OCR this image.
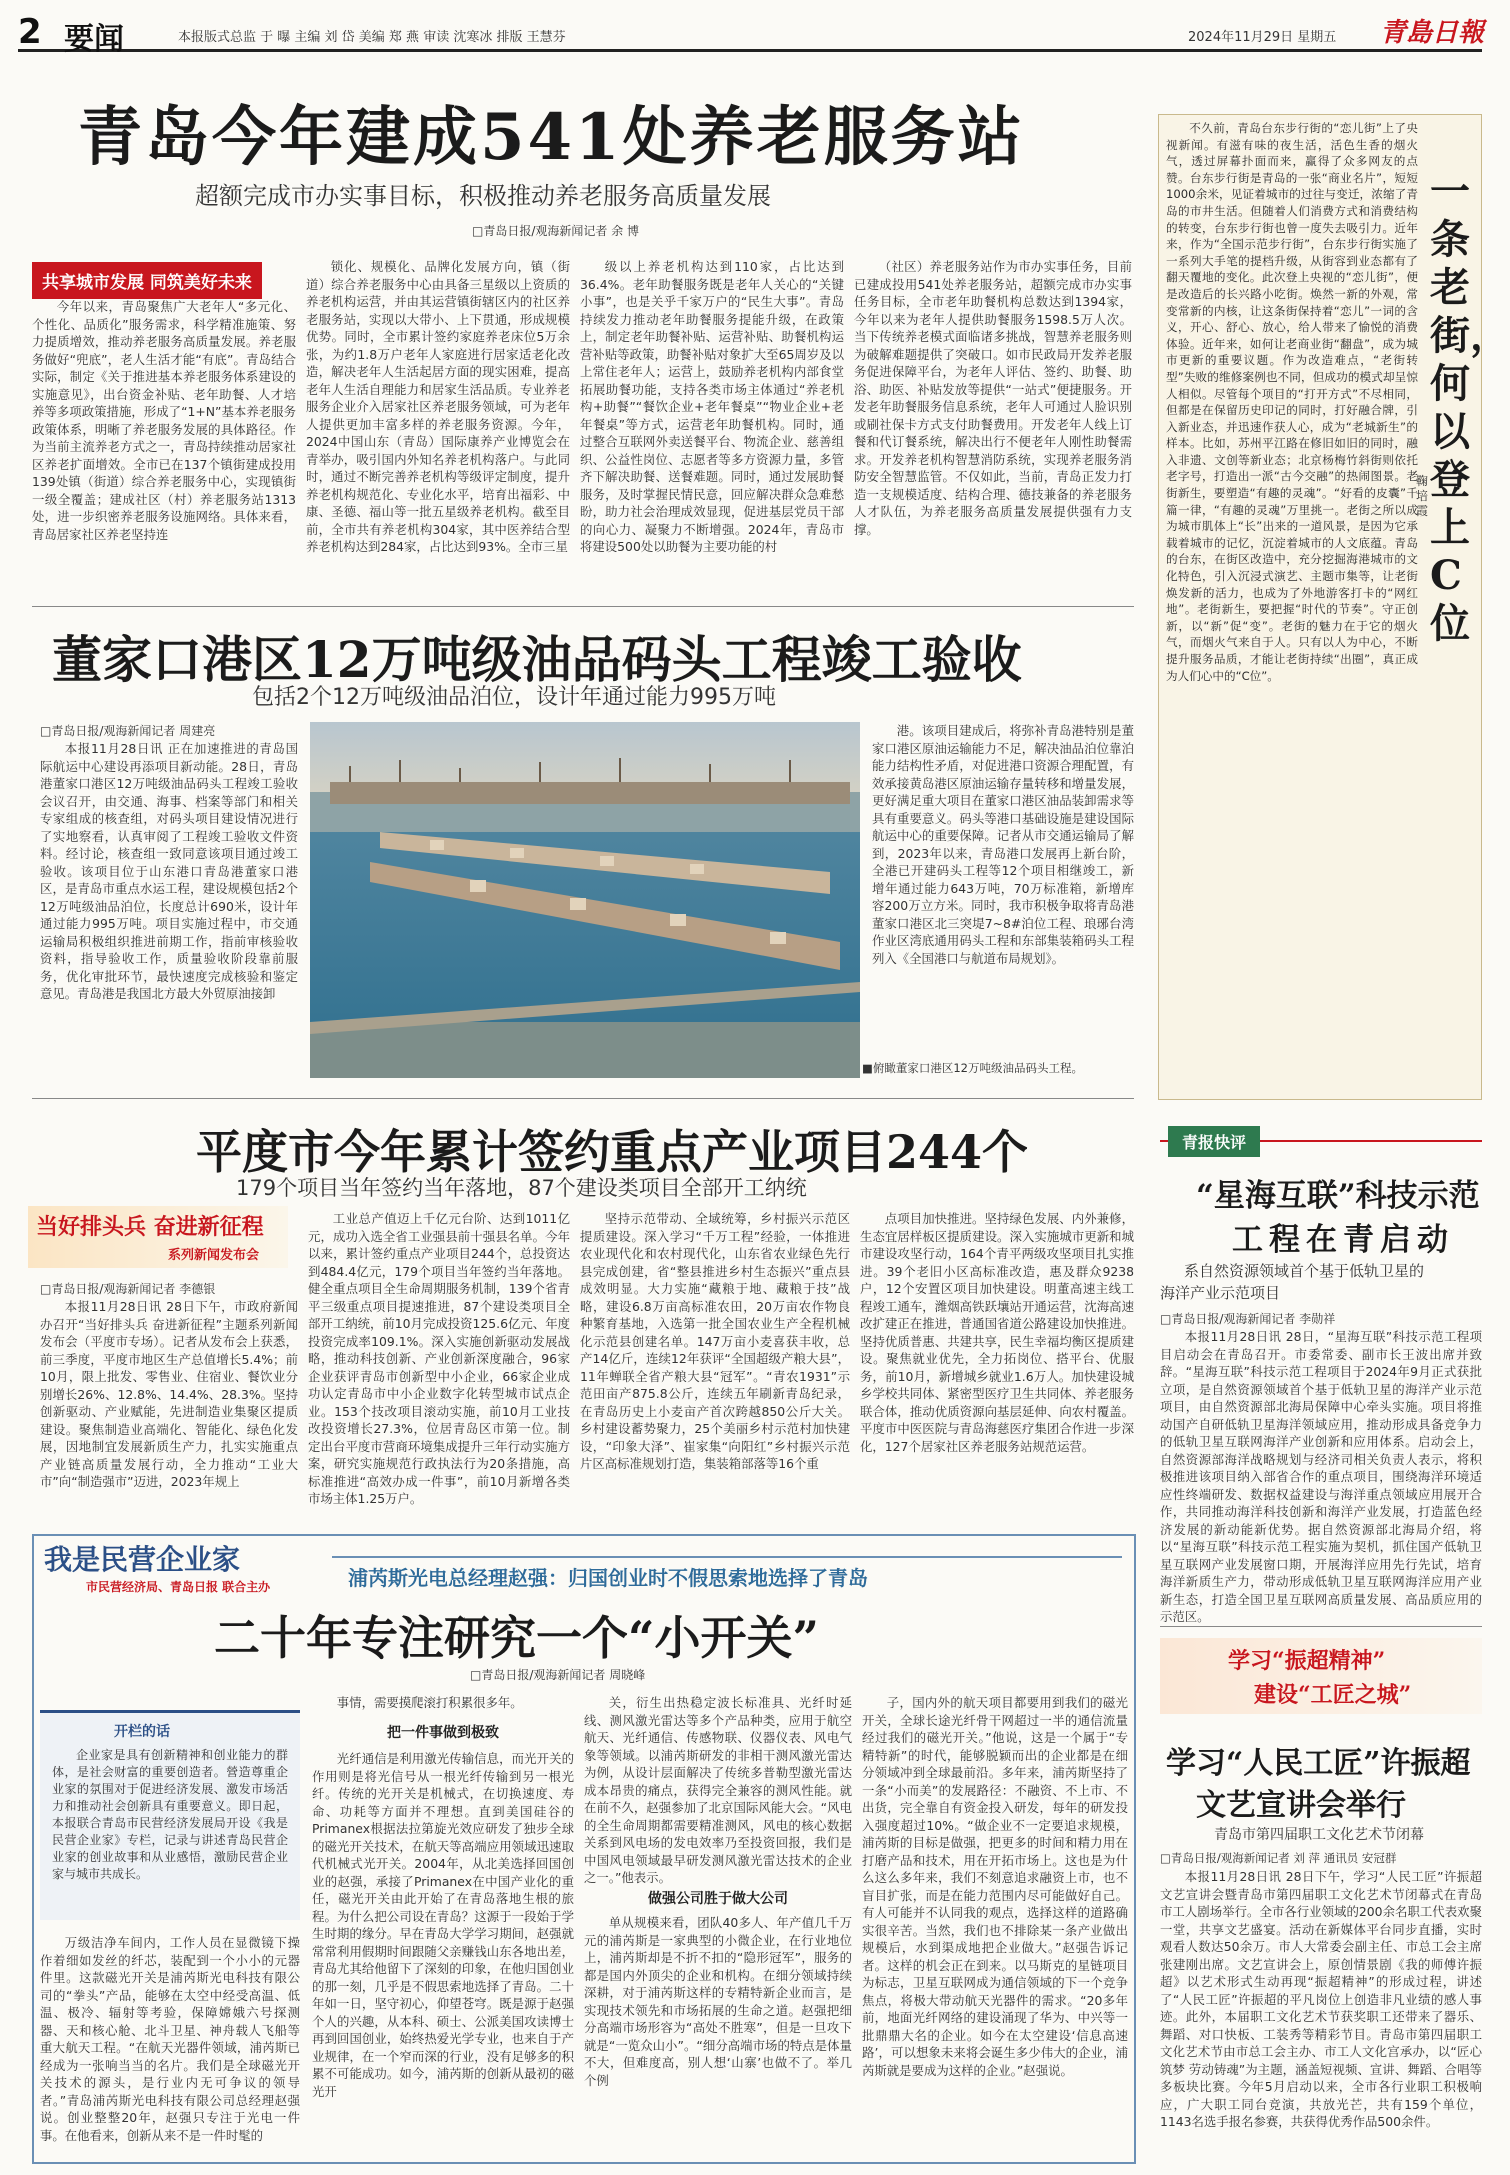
2 要闻	本报版式总监 于 曝 主编 刘 岱 美编 郑 燕 审读 沈寒冰 排版 王慧芬	2024年11月29日 星期五 青島日報
青岛今年建成541处养老服务站
超额完成市办实事目标，积极推动养老服务高质量发展
□青岛日报/观海新闻记者 余 博
共享城市发展 同筑美好未来

今年以来，青岛聚焦广大老年人“多元化、个性化、品质化”服务需求，科学精准施策、努力提质增效，推动养老服务高质量发展。养老服务做好“兜底”，老人生活才能“有底”。青岛结合实际，制定《关于推进基本养老服务体系建设的实施意见》，出台资金补贴、老年助餐、人才培养等多项政策措施，形成了“1+N”基本养老服务政策体系，明晰了养老服务发展的具体路径。作为当前主流养老方式之一，青岛持续推动居家社区养老扩面增效。全市已在137个镇街建成投用139处镇（街道）综合养老服务中心，实现镇街一级全覆盖；建成社区（村）养老服务站1313处，进一步织密养老服务设施网络。具体来看，青岛居家社区养老坚持连

锁化、规模化、品牌化发展方向，镇（街道）综合养老服务中心由具备三星级以上资质的养老机构运营，并由其运营镇街辖区内的社区养老服务站，实现以大带小、上下贯通，形成规模优势。同时，全市累计签约家庭养老床位5万余张，为约1.8万户老年人家庭进行居家适老化改造，解决老年人生活起居方面的现实困难，提高老年人生活自理能力和居家生活品质。专业养老服务企业介入居家社区养老服务领域，可为老年人提供更加丰富多样的养老服务资源。今年，2024中国山东（青岛）国际康养产业博览会在青举办，吸引国内外知名养老机构落户。与此同时，通过不断完善养老机构等级评定制度，提升养老机构规范化、专业化水平，培育出福彩、中康、圣德、福山等一批五星级养老机构。截至目前，全市共有养老机构304家，其中医养结合型养老机构达到284家，占比达到93%。全市三星

级以上养老机构达到110家，占比达到36.4%。老年助餐服务既是老年人关心的“关键小事”，也是关乎千家万户的“民生大事”。青岛持续发力推动老年助餐服务提能升级，在政策上，制定老年助餐补贴、运营补贴、助餐机构运营补贴等政策，助餐补贴对象扩大至65周岁及以上常住老年人；运营上，鼓励养老机构内部食堂拓展助餐功能，支持各类市场主体通过“养老机构+助餐”“餐饮企业+老年餐桌”“物业企业+老年餐桌”等方式，运营老年助餐机构。同时，通过整合互联网外卖送餐平台、物流企业、慈善组织、公益性岗位、志愿者等多方资源力量，多管齐下解决助餐、送餐难题。同时，通过发展助餐服务，及时掌握民情民意，回应解决群众急难愁盼，助力社会治理成效显现，促进基层党员干部的向心力、凝聚力不断增强。2024年，青岛市将建设500处以助餐为主要功能的村

（社区）养老服务站作为市办实事任务，目前已建成投用541处养老服务站，超额完成市办实事任务目标，全市老年助餐机构总数达到1394家，今年以来为老年人提供助餐服务1598.5万人次。当下传统养老模式面临诸多挑战，智慧养老服务则为破解难题提供了突破口。如市民政局开发养老服务促进保障平台，为老年人评估、签约、助餐、助浴、助医、补贴发放等提供“一站式”便捷服务。开发老年助餐服务信息系统，老年人可通过人脸识别或刷社保卡方式支付助餐费用。开发老年人线上订餐和代订餐系统，解决出行不便老年人刚性助餐需求。开发养老机构智慧消防系统，实现养老服务消防安全智慧监管。不仅如此，当前，青岛正发力打造一支规模适度、结构合理、德技兼备的养老服务人才队伍，为养老服务高质量发展提供强有力支撑。

董家口港区12万吨级油品码头工程竣工验收
包括2个12万吨级油品泊位，设计年通过能力995万吨
□青岛日报/观海新闻记者 周建亮

本报11月28日讯 正在加速推进的青岛国际航运中心建设再添项目新动能。28日，青岛港董家口港区12万吨级油品码头工程竣工验收会议召开，由交通、海事、档案等部门和相关专家组成的核查组，对码头项目建设情况进行了实地察看，认真审阅了工程竣工验收文件资料。经讨论，核查组一致同意该项目通过竣工验收。该项目位于山东港口青岛港董家口港区，是青岛市重点水运工程，建设规模包括2个12万吨级油品泊位，长度总计690米，设计年通过能力995万吨。项目实施过程中，市交通运输局积极组织推进前期工作，指前审核验收资料，指导验收工作，质量验收阶段靠前服务，优化审批环节，最快速度完成核验和鉴定意见。青岛港是我国北方最大外贸原油接卸

■俯瞰董家口港区12万吨级油品码头工程。

港。该项目建成后，将弥补青岛港特别是董家口港区原油运输能力不足，解决油品泊位靠泊能力结构性矛盾，对促进港口资源合理配置，有效承接黄岛港区原油运输存量转移和增量发展，更好满足重大项目在董家口港区油品装卸需求等具有重要意义。码头等港口基础设施是建设国际航运中心的重要保障。记者从市交通运输局了解到，2023年以来，青岛港口发展再上新台阶，全港已开建码头工程等12个项目相继竣工，新增年通过能力643万吨，70万标准箱，新增库容200万立方米。同时，我市积极争取将青岛港董家口港区北三突堤7~8#泊位工程、琅琊台湾作业区湾底通用码头工程和东部集装箱码头工程列入《全国港口与航道布局规划》。

不久前，青岛台东步行街的“恋儿街”上了央视新闻。有滋有味的夜生活，活色生香的烟火气，透过屏幕扑面而来，赢得了众多网友的点赞。台东步行街是青岛的一张“商业名片”，短短1000余米，见证着城市的过往与变迁，浓缩了青岛的市井生活。但随着人们消费方式和消费结构的转变，台东步行街也曾一度失去吸引力。近年来，作为“全国示范步行街”，台东步行街实施了一系列大手笔的提档升级，从街容到业态都有了翻天覆地的变化。此次登上央视的“恋儿街”，便是改造后的长兴路小吃街。焕然一新的外观，常变常新的内核，让这条街保持着“恋儿”一词的含义，开心、舒心、放心，给人带来了愉悦的消费体验。近年来，如何让老商业街“翻盘”，成为城市更新的重要议题。作为改造难点，“老街转型”失败的维修案例也不同，但成功的模式却呈惊人相似。尽管每个项目的“打开方式”不尽相同，但都是在保留历史印记的同时，打好融合牌，引入新业态，并迅速作获人心，成为“老城新生”的样本。比如，苏州平江路在修旧如旧的同时，融入非遗、文创等新业态；北京杨梅竹斜街则依托老字号，打造出一派“古今交融”的热闹图景。老街新生，要塑造“有趣的灵魂”。“好看的皮囊”千篇一律，“有趣的灵魂”万里挑一。老街之所以成为城市肌体上“长”出来的一道风景，是因为它承载着城市的记忆，沉淀着城市的人文底蕴。青岛的台东，在街区改造中，充分挖掘海港城市的文化特色，引入沉浸式演艺、主题市集等，让老街焕发新的活力，也成为了外地游客打卡的“网红地”。老街新生，要把握“时代的节奏”。守正创新，以“新”促“变”。老街的魅力在于它的烟火气，而烟火气来自于人。只有以人为中心，不断提升服务品质，才能让老街持续“出圈”，真正成为人们心中的“C位”。

一条老街，何以登上C位
鞠培霞
平度市今年累计签约重点产业项目244个
179个项目当年签约当年落地，87个建设类项目全部开工纳统
当好排头兵 奋进新征程
系列新闻发布会
□青岛日报/观海新闻记者 李德银

本报11月28日讯 28日下午，市政府新闻办召开“当好排头兵 奋进新征程”主题系列新闻发布会（平度市专场）。记者从发布会上获悉，前三季度，平度市地区生产总值增长5.4%；前10月，限上批发、零售业、住宿业、餐饮业分别增长26%、12.8%、14.4%、28.3%。坚持创新驱动、产业赋能，先进制造业集聚区提质建设。聚焦制造业高端化、智能化、绿色化发展，因地制宜发展新质生产力，扎实实施重点产业链高质量发展行动，全力推动“工业大市”向“制造强市”迈进，2023年规上

工业总产值迈上千亿元台阶、达到1011亿元，成功入选全省工业强县前十强县名单。今年以来，累计签约重点产业项目244个，总投资达到484.4亿元，179个项目当年签约当年落地。健全重点项目全生命周期服务机制，139个省青平三级重点项目提速推进，87个建设类项目全部开工纳统，前10月完成投资125.6亿元、年度投资完成率109.1%。深入实施创新驱动发展战略，推动科技创新、产业创新深度融合，96家企业获评青岛市创新型中小企业，66家企业成功认定青岛市中小企业数字化转型城市试点企业。153个技改项目滚动实施，前10月工业技改投资增长27.3%，位居青岛区市第一位。制定出台平度市营商环境集成提升三年行动实施方案，研究实施规范行政执法行为20条措施，高标准推进“高效办成一件事”，前10月新增各类市场主体1.25万户。

坚持示范带动、全域统筹，乡村振兴示范区提质建设。深入学习“千万工程”经验，一体推进农业现代化和农村现代化，山东省农业绿色先行县完成创建，省“整县推进乡村生态振兴”重点县成效明显。大力实施“藏粮于地、藏粮于技”战略，建设6.8万亩高标准农田，20万亩农作物良种繁育基地，入选第一批全国农业生产全程机械化示范县创建名单。147万亩小麦喜获丰收，总产14亿斤，连续12年获评“全国超级产粮大县”，11年蝉联全省产粮大县“冠军”。“青农1931”示范田亩产875.8公斤，连续五年刷新青岛纪录，在青岛历史上小麦亩产首次跨越850公斤大关。乡村建设蓄势聚力，25个美丽乡村示范村加快建设，“印象大泽”、崔家集“向阳红”乡村振兴示范片区高标准规划打造，集装箱部落等16个重

点项目加快推进。坚持绿色发展、内外兼修，生态宜居样板区提质建设。深入实施城市更新和城市建设攻坚行动，164个青平两级攻坚项目扎实推进。39个老旧小区高标准改造，惠及群众9238户，12个安置区项目加快建设。明董高速主线工程竣工通车，潍烟高铁跃壤站开通运营，沈海高速改扩建正在推进，普通国省道公路建设加快推进。坚持优质普惠、共建共享，民生幸福均衡区提质建设。聚焦就业优先，全力拓岗位、搭平台、优服务，前10月，新增城乡就业1.6万人。加快建设城乡学校共同体、紧密型医疗卫生共同体、养老服务联合体，推动优质资源向基层延伸、向农村覆盖。平度市中医医院与青岛海慈医疗集团合作进一步深化，127个居家社区养老服务站规范运营。

青报快评
“星海互联”科技示范
工程在青启动
系自然资源领域首个基于低轨卫星的
海洋产业示范项目
□青岛日报/观海新闻记者 李勋祥

本报11月28日讯 28日，“星海互联”科技示范工程项目启动会在青岛召开。市委常委、副市长王波出席并致辞。“星海互联”科技示范工程项目于2024年9月正式获批立项，是自然资源领域首个基于低轨卫星的海洋产业示范项目，由自然资源部北海局保障中心牵头实施。项目将推动国产自研低轨卫星海洋领域应用，推动形成具备竞争力的低轨卫星互联网海洋产业创新和应用体系。启动会上，自然资源部海洋战略规划与经济司相关负责人表示，将积极推进该项目纳入部省合作的重点项目，围绕海洋环境适应性终端研发、数据权益建设与海洋重点领域应用展开合作，共同推动海洋科技创新和海洋产业发展，打造蓝色经济发展的新动能新优势。据自然资源部北海局介绍，将以“星海互联”科技示范工程实施为契机，抓住国产低轨卫星互联网产业发展窗口期，开展海洋应用先行先试，培育海洋新质生产力，带动形成低轨卫星互联网海洋应用产业新生态，打造全国卫星互联网高质量发展、高品质应用的示范区。

我是民营企业家
市民营经济局、青岛日报 联合主办	浦芮斯光电总经理赵强：归国创业时不假思索地选择了青岛
二十年专注研究一个“小开关”
□青岛日报/观海新闻记者 周晓峰
开栏的话

企业家是具有创新精神和创业能力的群体，是社会财富的重要创造者。營造尊重企业家的氛围对于促进经济发展、激发市场活力和推动社会创新具有重要意义。即日起，本报联合青岛市民营经济发展局开设《我是民营企业家》专栏，记录与讲述青岛民营企业家的创业故事和从业感悟，激励民营企业家与城市共成长。

万级洁净车间内，工作人员在显微镜下操作着细如发丝的纤芯，装配到一个小小的元器件里。这款磁光开关是浦芮斯光电科技有限公司的“拳头”产品，能够在太空中经受高温、低温、极冷、辐射等考验，保障嫦娥六号探测器、天和核心舱、北斗卫星、神舟载人飞船等重大航天工程。“在航天光器件领域，浦芮斯已经成为一张响当当的名片。我们是全球磁光开关技术的源头，是行业内无可争议的领导者。”青岛浦芮斯光电科技有限公司总经理赵强说。创业整整20年，赵强只专注于光电一件事。在他看来，创新从来不是一件时髦的

事情，需要摸爬滚打积累很多年。

把一件事做到极致

光纤通信是利用激光传输信息，而光开关的作用则是将光信号从一根光纤传输到另一根光纤。传统的光开关是机械式，在切换速度、寿命、功耗等方面并不理想。直到美国硅谷的Primanex根据法拉第旋光效应研发了独步全球的磁光开关技术，在航天等高端应用领域迅速取代机械式光开关。2004年，从北美选择回国创业的赵强，承接了Primanex在中国产业化的重任，磁光开关由此开始了在青岛落地生根的旅程。为什么把公司设在青岛？这源于一段始于学生时期的缘分。早在青岛大学学习期间，赵强就常常利用假期时间跟随父亲赚钱山东各地出差，青岛尤其给他留下了深刻的印象，在他归国创业的那一刻，几乎是不假思索地选择了青岛。二十年如一日，坚守初心，仰望苍穹。既是源于赵强个人的兴趣，从本科、硕士、公派美国攻读博士再到回国创业，始终热爱光学专业，也来自于产业规律，在一个窄而深的行业，没有足够多的积累不可能成功。如今，浦芮斯的创新从最初的磁光开

关，衍生出热稳定波长标准具、光纤时延线、测风激光雷达等多个产品种类，应用于航空航天、光纤通信、传感物联、仪器仪表、风电气象等领域。以浦芮斯研发的非相干测风激光雷达为例，从设计层面解决了传统多普勒型激光雷达成本昂贵的痛点，获得完全兼容的测风性能。就在前不久，赵强参加了北京国际风能大会。“风电的全生命周期都需要精准测风，风电的核心数据关系到风电场的发电效率乃至投资回报，我们是中国风电领域最早研发测风激光雷达技术的企业之一。”他表示。

做强公司胜于做大公司

单从规模来看，团队40多人、年产值几千万元的浦芮斯是一家典型的小微企业，在行业地位上，浦芮斯却是不折不扣的“隐形冠军”，服务的都是国内外顶尖的企业和机构。在细分领域持续深耕，对于浦芮斯这样的专精特新企业而言，是实现技术领先和市场拓展的生命之道。赵强把细分高端市场形容为“高处不胜寒”，但是一旦攻下就是“一览众山小”。“细分高端市场的特点是体量不大，但难度高，别人想‘山寨’也做不了。举几个例

子，国内外的航天项目都要用到我们的磁光开关，全球长途光纤骨干网超过一半的通信流量经过我们的磁光开关。”他说，这是一个属于“专精特新”的时代，能够脱颖而出的企业都是在细分领域冲到全球最前沿。多年来，浦芮斯坚持了一条“小而美”的发展路径：不融资、不上市、不出货，完全靠自有资金投入研发，每年的研发投入强度超过10%。“做企业不一定要追求规模，浦芮斯的目标是做强，把更多的时间和精力用在打磨产品和技术，用在开拓市场上。这也是为什么这么多年来，我们不刻意追求融资上市，也不盲目扩张，而是在能力范围内尽可能做好自己。有人可能并不认同我的观点，选择这样的道路确实很辛苦。当然，我们也不排除某一条产业做出规模后，水到渠成地把企业做大。”赵强告诉记者。这样的机会正在到来。以马斯克的星链项目为标志，卫星互联网成为通信领域的下一个竞争焦点，将极大带动航天光器件的需求。“20多年前，地面光纤网络的建设涌现了华为、中兴等一批鼎鼎大名的企业。如今在太空建设‘信息高速路’，可以想象未来将会诞生多少伟大的企业，浦芮斯就是要成为这样的企业。”赵强说。

学习“振超精神”
建设“工匠之城”
学习“人民工匠”许振超
文艺宣讲会举行
青岛市第四届职工文化艺术节闭幕
□青岛日报/观海新闻记者 刘 萍 通讯员 安冠群

本报11月28日讯 28日下午，学习“人民工匠”许振超文艺宣讲会暨青岛市第四届职工文化艺术节闭幕式在青岛市工人剧场举行。全市各行业领域的200余名职工代表欢聚一堂，共享文艺盛宴。活动在新媒体平台同步直播，实时观看人数达50余万。市人大常委会副主任、市总工会主席张建刚出席。文艺宣讲会上，原创情景剧《我的师傅许振超》以艺术形式生动再现“振超精神”的形成过程，讲述了“人民工匠”许振超的平凡岗位上创造非凡业绩的感人事迹。此外，本届职工文化艺术节获奖职工还带来了器乐、舞蹈、对口快板、工装秀等精彩节目。青岛市第四届职工文化艺术节由市总工会主办、市工人文化宫承办，以“匠心筑梦 劳动铸魂”为主题，涵盖短视频、宣讲、舞蹈、合唱等多板块比赛。今年5月启动以来，全市各行业职工积极响应，广大职工同台竞演，共放光芒，共有159个单位，1143名选手报名参赛，共获得优秀作品500余件。
